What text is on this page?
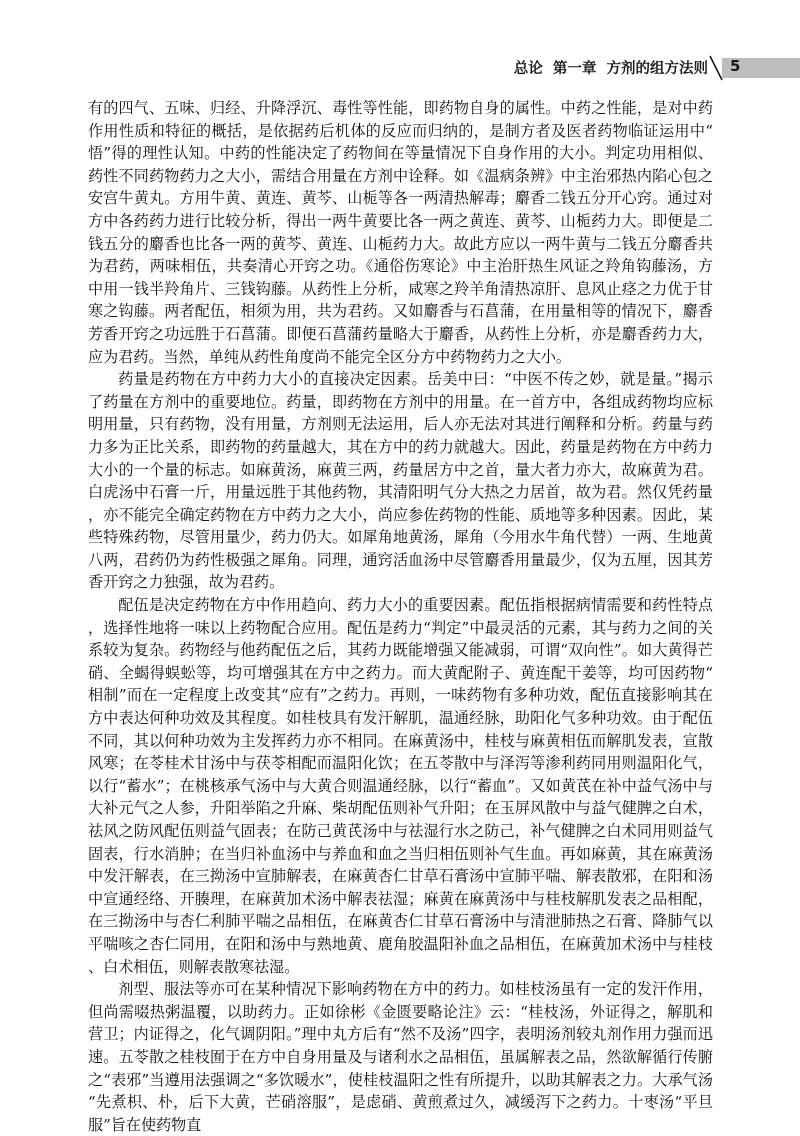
总论 第一章 方剂的组方法则 5

有的四气、五味、归经、升降浮沉、毒性等性能，即药物自身的属性。中药之性能，是对中药作用性质和特征的概括，是依据药后机体的反应而归纳的，是制方者及医者药物临证运用中“悟”得的理性认知。中药的性能决定了药物间在等量情况下自身作用的大小。判定功用相似、药性不同药物药力之大小，需结合用量在方剂中诠释。如《温病条辨》中主治邪热内陷心包之安宫牛黄丸。方用牛黄、黄连、黄芩、山栀等各一两清热解毒；麝香二钱五分开心窍。通过对方中各药药力进行比较分析，得出一两牛黄要比各一两之黄连、黄芩、山栀药力大。即便是二钱五分的麝香也比各一两的黄芩、黄连、山栀药力大。故此方应以一两牛黄与二钱五分麝香共为君药，两味相伍，共奏清心开窍之功。《通俗伤寒论》中主治肝热生风证之羚角钩藤汤，方中用一钱半羚角片、三钱钩藤。从药性上分析，咸寒之羚羊角清热凉肝、息风止痉之力优于甘寒之钩藤。两者配伍，相须为用，共为君药。又如麝香与石菖蒲，在用量相等的情况下，麝香芳香开窍之功远胜于石菖蒲。即便石菖蒲药量略大于麝香，从药性上分析，亦是麝香药力大，应为君药。当然，单纯从药性角度尚不能完全区分方中药物药力之大小。

药量是药物在方中药力大小的直接决定因素。岳美中曰：“中医不传之妙，就是量。”揭示了药量在方剂中的重要地位。药量，即药物在方剂中的用量。在一首方中，各组成药物均应标明用量，只有药物，没有用量，方剂则无法运用，后人亦无法对其进行阐释和分析。药量与药力多为正比关系，即药物的药量越大，其在方中的药力就越大。因此，药量是药物在方中药力大小的一个量的标志。如麻黄汤，麻黄三两，药量居方中之首，量大者力亦大，故麻黄为君。白虎汤中石膏一斤，用量远胜于其他药物，其清阳明气分大热之力居首，故为君。然仅凭药量，亦不能完全确定药物在方中药力之大小，尚应参佐药物的性能、质地等多种因素。因此，某些特殊药物，尽管用量少，药力仍大。如犀角地黄汤，犀角（今用水牛角代替）一两、生地黄八两，君药仍为药性极强之犀角。同理，通窍活血汤中尽管麝香用量最少，仅为五厘，因其芳香开窍之力独强，故为君药。

配伍是决定药物在方中作用趋向、药力大小的重要因素。配伍指根据病情需要和药性特点，选择性地将一味以上药物配合应用。配伍是药力“判定”中最灵活的元素，其与药力之间的关系较为复杂。药物经与他药配伍之后，其药力既能增强又能减弱，可谓“双向性”。如大黄得芒硝、全蝎得蜈蚣等，均可增强其在方中之药力。而大黄配附子、黄连配干姜等，均可因药物“相制”而在一定程度上改变其“应有”之药力。再则，一味药物有多种功效，配伍直接影响其在方中表达何种功效及其程度。如桂枝具有发汗解肌，温通经脉，助阳化气多种功效。由于配伍不同，其以何种功效为主发挥药力亦不相同。在麻黄汤中，桂枝与麻黄相伍而解肌发表，宣散风寒；在苓桂术甘汤中与茯苓相配而温阳化饮；在五苓散中与泽泻等渗利药同用则温阳化气，以行“蓄水”；在桃核承气汤中与大黄合则温通经脉，以行“蓄血”。又如黄芪在补中益气汤中与大补元气之人参，升阳举陷之升麻、柴胡配伍则补气升阳；在玉屏风散中与益气健脾之白术，祛风之防风配伍则益气固表；在防己黄芪汤中与祛湿行水之防己，补气健脾之白术同用则益气固表，行水消肿；在当归补血汤中与养血和血之当归相伍则补气生血。再如麻黄，其在麻黄汤中发汗解表，在三拗汤中宣肺解表，在麻黄杏仁甘草石膏汤中宣肺平喘、解表散邪，在阳和汤中宣通经络、开腠理，在麻黄加术汤中解表祛湿；麻黄在麻黄汤中与桂枝解肌发表之品相配，在三拗汤中与杏仁利肺平喘之品相伍，在麻黄杏仁甘草石膏汤中与清泄肺热之石膏、降肺气以平喘咳之杏仁同用，在阳和汤中与熟地黄、鹿角胶温阳补血之品相伍，在麻黄加术汤中与桂枝、白术相伍，则解表散寒祛湿。

剂型、服法等亦可在某种情况下影响药物在方中的药力。如桂枝汤虽有一定的发汗作用，但尚需啜热粥温覆，以助药力。正如徐彬《金匮要略论注》云：“桂枝汤，外证得之，解肌和营卫；内证得之，化气调阴阳。”理中丸方后有“然不及汤”四字，表明汤剂较丸剂作用力强而迅速。五苓散之桂枝囿于在方中自身用量及与诸利水之品相伍，虽属解表之品，然欲解循行传腑之“表邪”当遵用法强调之“多饮暖水”，使桂枝温阳之性有所提升，以助其解表之力。大承气汤“先煮枳、朴，后下大黄，芒硝溶服”，是虑硝、黄煎煮过久，减缓泻下之药力。十枣汤“平旦服”旨在使药物直
